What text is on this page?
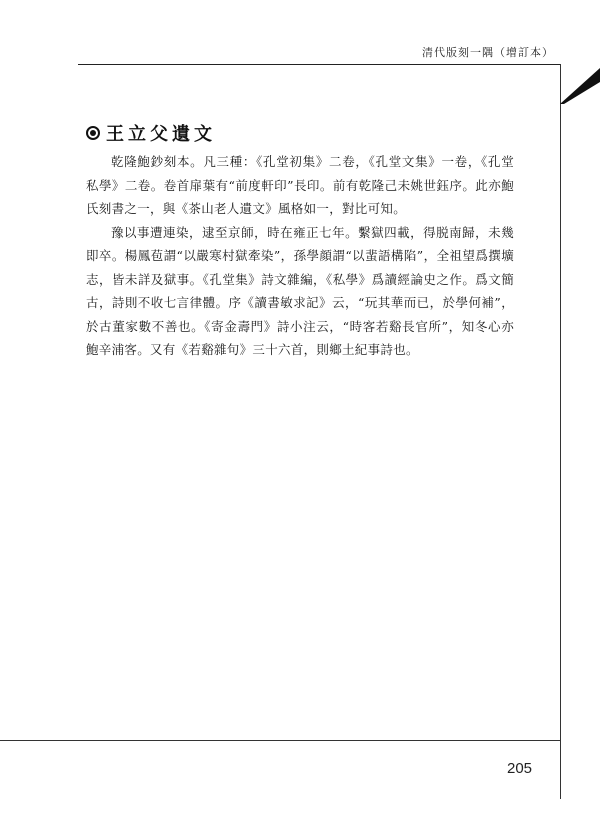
清代版刻一隅（增訂本）
王立父遺文

乾隆鮑鈔刻本。凡三種：《孔堂初集》二卷，《孔堂文集》一卷，《孔堂私學》二卷。卷首扉葉有“前度軒印”長印。前有乾隆己未姚世鈺序。此亦鮑氏刻書之一，與《茶山老人遺文》風格如一，對比可知。

豫以事遭連染，逮至京師，時在雍正七年。繫獄四載，得脱南歸，未幾即卒。楊鳳苞謂“以嚴寒村獄牽染”，孫學顔謂“以蜚語構陷”，全祖望爲撰壙志，皆未詳及獄事。《孔堂集》詩文雜編，《私學》爲讀經論史之作。爲文簡古，詩則不收七言律體。序《讀書敏求記》云，“玩其華而已，於學何補”，於古董家數不善也。《寄金壽門》詩小注云，“時客若谿長官所”，知冬心亦鮑辛浦客。又有《若谿雜句》三十六首，則鄉土紀事詩也。

205
